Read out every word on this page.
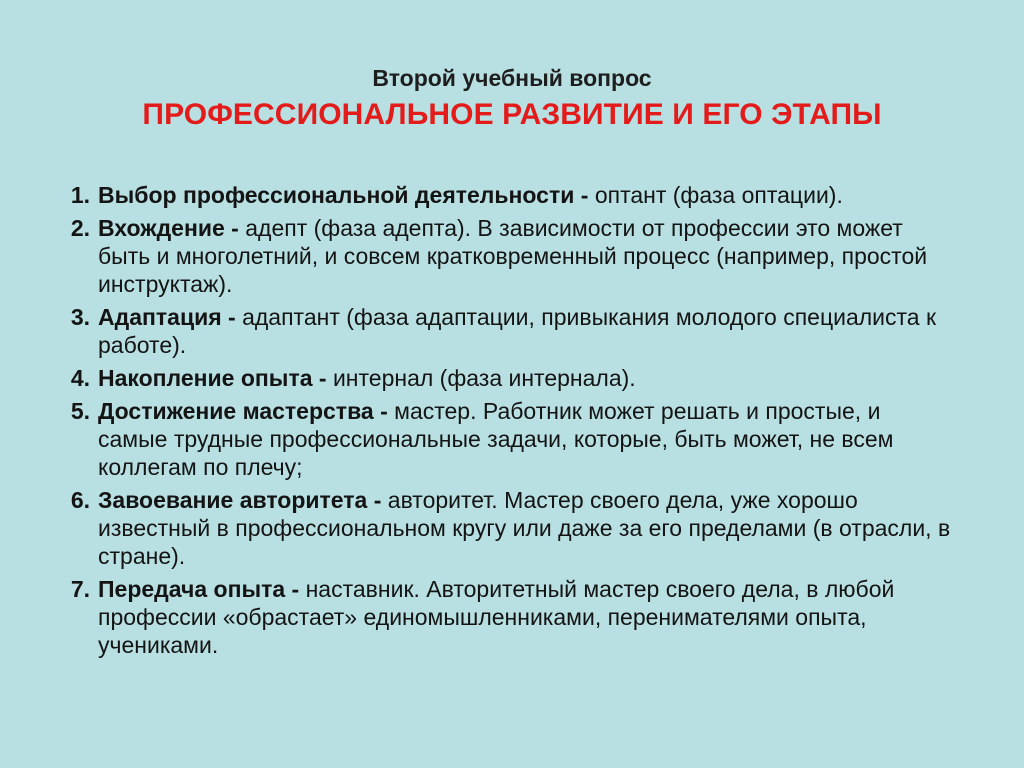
Второй учебный вопрос
ПРОФЕССИОНАЛЬНОЕ РАЗВИТИЕ И ЕГО ЭТАПЫ
1. Выбор профессиональной деятельности - оптант (фаза оптации).
2. Вхождение - адепт (фаза адепта). В зависимости от профессии это может быть и многолетний, и совсем кратковременный процесс (например, простой инструктаж).
3. Адаптация - адаптант (фаза адаптации, привыкания молодого специалиста к работе).
4. Накопление опыта - интернал (фаза интернала).
5. Достижение мастерства - мастер. Работник может решать и простые, и самые трудные профессиональные задачи, которые, быть может, не всем коллегам по плечу;
6. Завоевание авторитета - авторитет. Мастер своего дела, уже хорошо известный в профессиональном кругу или даже за его пределами (в отрасли, в стране).
7. Передача опыта - наставник. Авторитетный мастер своего дела, в любой профессии «обрастает» единомышленниками, перенимателями опыта, учениками.
